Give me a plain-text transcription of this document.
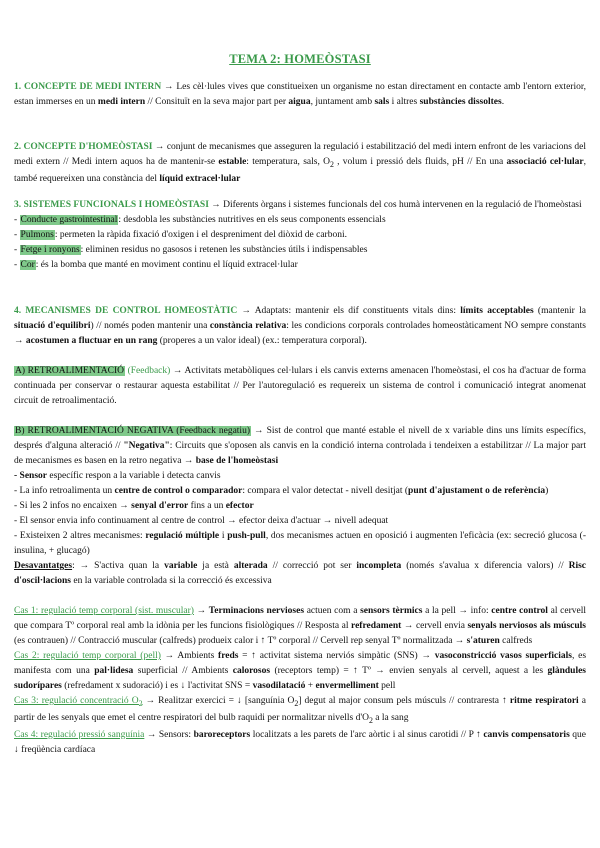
TEMA 2: HOMEÒSTASI
1. CONCEPTE DE MEDI INTERN → Les cèl·lules vives que constitueixen un organisme no estan directament en contacte amb l'entorn exterior, estan immerses en un medi intern // Consituït en la seva major part per aigua, juntament amb sals i altres substàncies dissoltes.
2. CONCEPTE D'HOMEÒSTASI → conjunt de mecanismes que asseguren la regulació i estabilització del medi intern enfront de les variacions del medi extern // Medi intern aquos ha de mantenir-se estable: temperatura, sals, $O_2$ , volum i pressió dels fluids, pH // En una associació cel·lular, també requereixen una constància del líquid extracel·lular
3. SISTEMES FUNCIONALS I HOMEÒSTASI → Diferents òrgans i sistemes funcionals del cos humà intervenen en la regulació de l'homeòstasi
- Conducte gastrointestinal: desdobla les substàncies nutritives en els seus components essencials
- Pulmons: permeten la ràpida fixació d'oxigen i el despreniment del diòxid de carboni.
- Fetge i ronyons: eliminen residus no gasosos i retenen les substàncies útils i indispensables
- Cor: és la bomba que manté en moviment continu el líquid extracel·lular
4. MECANISMES DE CONTROL HOMEOSTÀTIC → Adaptats: mantenir els dif constituents vitals dins: límits acceptables (mantenir la situació d'equilibri) // només poden mantenir una constància relativa: les condicions corporals controlades homeostàticament NO sempre constants → acostumen a fluctuar en un rang (properes a un valor ideal) (ex.: temperatura corporal).
A) RETROALIMENTACIÓ (Feedback) → Activitats metabòliques cel·lulars i els canvis externs amenacen l'homeòstasi, el cos ha d'actuar de forma continuada per conservar o restaurar aquesta estabilitat // Per l'autoregulació es requereix un sistema de control i comunicació integrat anomenat circuit de retroalimentació.
B) RETROALIMENTACIÓ NEGATIVA (Feedback negatiu) → Sist de control que manté estable el nivell de x variable dins uns límits específics, després d'alguna alteració // "Negativa": Circuits que s'oposen als canvis en la condició interna controlada i tendeixen a estabilitzar // La major part de mecanismes es basen en la retro negativa → base de l'homeòstasi
- Sensor específic respon a la variable i detecta canvis
- La info retroalimenta un centre de control o comparador: compara el valor detectat - nivell desitjat (punt d'ajustament o de referència)
- Si les 2 infos no encaixen → senyal d'error fins a un efector
- El sensor envia info continuament al centre de control → efector deixa d'actuar → nivell adequat
- Existeixen 2 altres mecanismes: regulació múltiple i push-pull, dos mecanismes actuen en oposició i augmenten l'eficàcia (ex: secreció glucosa (- insulina, + glucagó)
Desavantatges: → S'activa quan la variable ja està alterada // correcció pot ser incompleta (només s'avalua x diferencia valors) // Risc d'oscil·lacions en la variable controlada si la correcció és excessiva
Cas 1: regulació temp corporal (sist. muscular) → Terminacions nervioses actuen com a sensors tèrmics a la pell → info: centre control al cervell que compara Tº corporal real amb la idònia per les funcions fisiològiques // Resposta al refredament → cervell envia senyals nerviosos als músculs (es contrauen) // Contracció muscular (calfreds) produeix calor i ↑ Tº corporal // Cervell rep senyal Tº normalitzada → s'aturen calfreds
Cas 2: regulació temp corporal (pell) → Ambients freds = ↑ activitat sistema nerviós simpàtic (SNS) → vasoconstricció vasos superficials, es manifesta com una pal·lidesa superficial // Ambients calorosos (receptors temp) = ↑ Tº → envien senyals al cervell, aquest a les glàndules sudorípares (refredament x sudoració) i es ↓ l'activitat SNS = vasodilatació + envermelliment pell
Cas 3: regulació concentració $O_2$ → Realitzar exercici = ↓ [sanguínia $O_2$] degut al major consum pels músculs // contraresta ↑ ritme respiratori a partir de les senyals que emet el centre respiratori del bulb raquidi per normalitzar nivells $d'O_2$ a la sang
Cas 4: regulació pressió sanguínia → Sensors: baroreceptors localitzats a les parets de l'arc aòrtic i al sinus carotidi // P ↑ canvis compensatoris que ↓ freqüència cardíaca
